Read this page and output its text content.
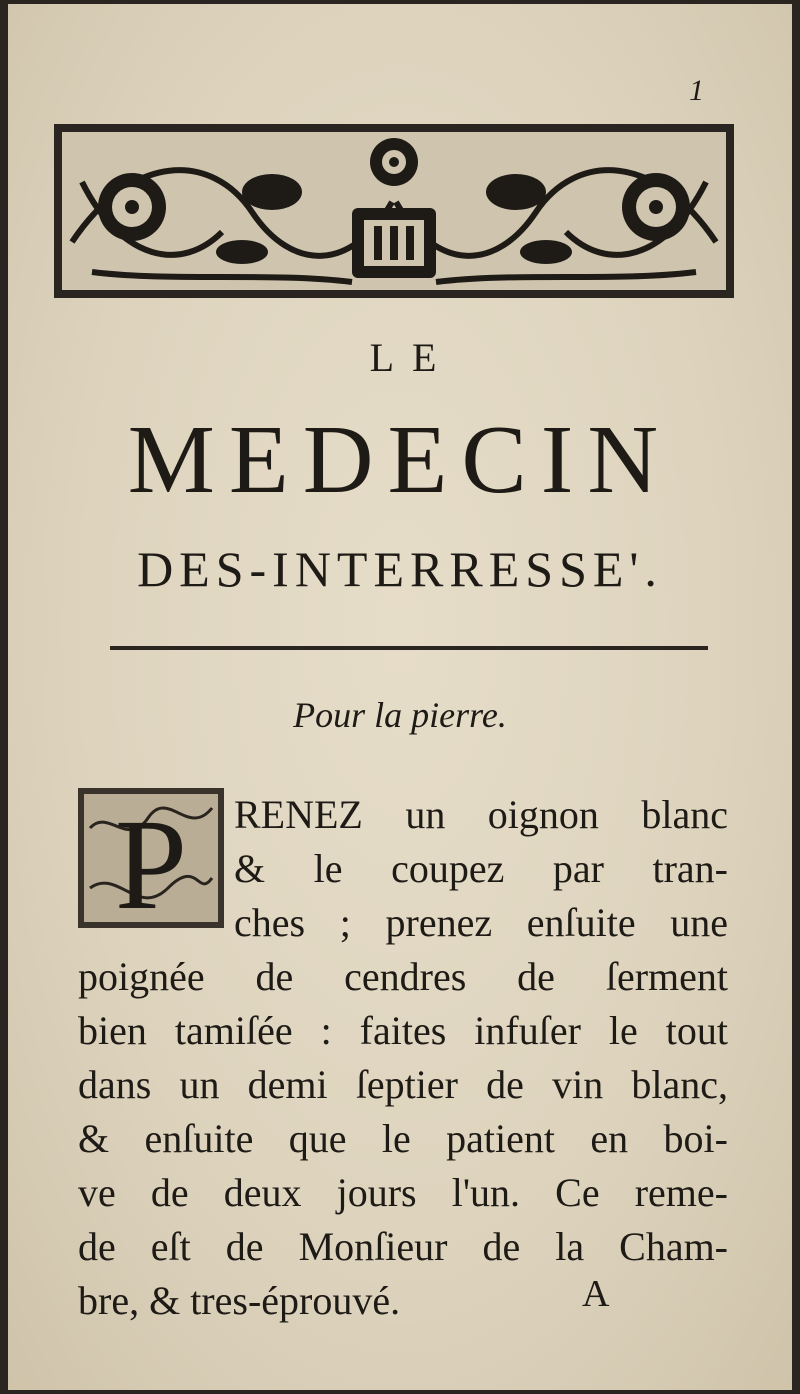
1
LE
MEDECIN
DES-INTERRESSE'.
Pour la pierre.
P RENEZ un oignon blanc
& le coupez par tran-
ches ; prenez enſuite une
poignée de cendres de ſerment
bien tamiſée : faites infuſer le tout
dans un demi ſeptier de vin blanc,
& enſuite que le patient en boi-
ve de deux jours l'un. Ce reme-
de eſt de Monſieur de la Cham-
bre, & tres-éprouvé.	A
